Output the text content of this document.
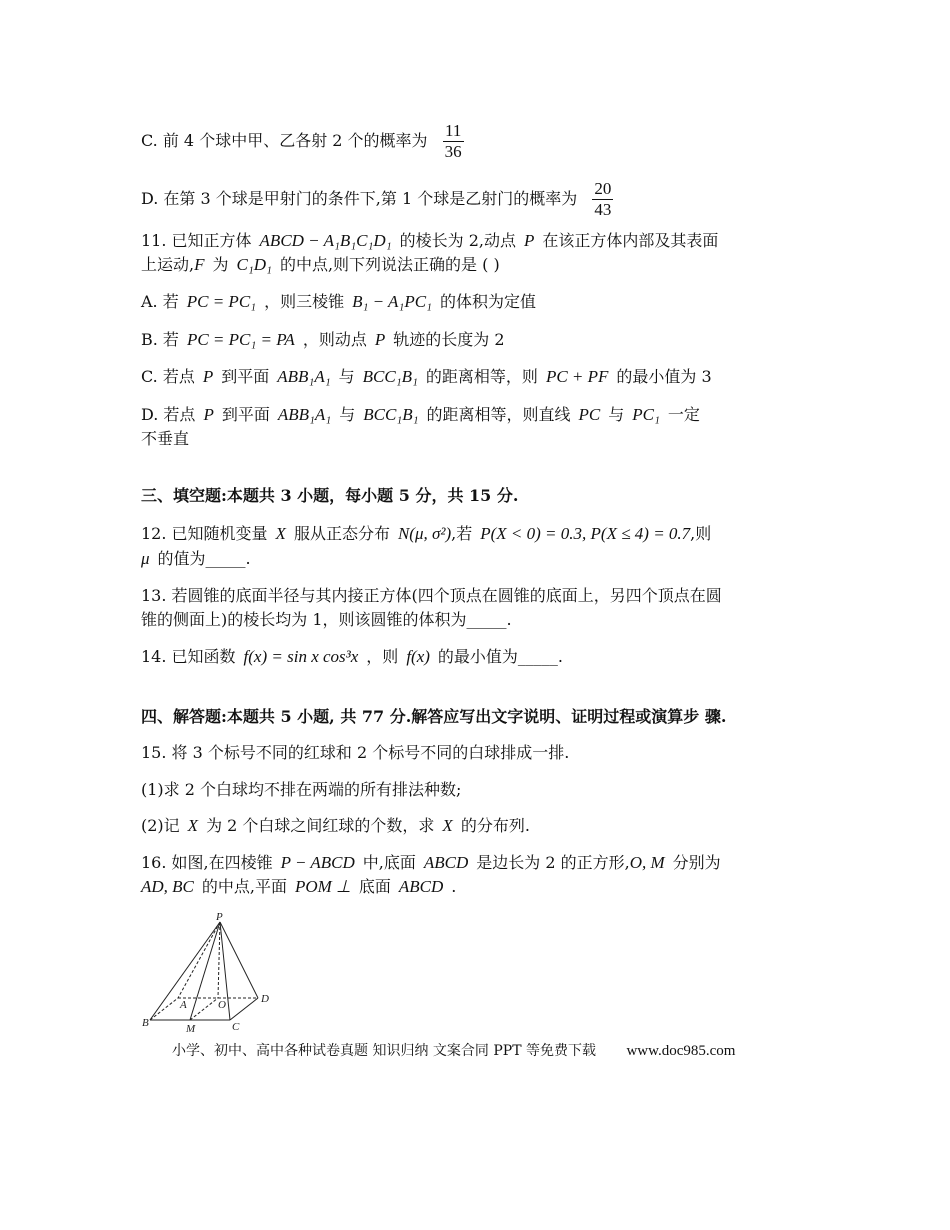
C. 前 4 个球中甲、乙各射 2 个的概率为 $\frac{11}{36}$
D. 在第 3 个球是甲射门的条件下,第 1 个球是乙射门的概率为 $\frac{20}{43}$
11. 已知正方体 ABCD − A₁B₁C₁D₁ 的棱长为 2,动点 P 在该正方体内部及其表面
上运动,F 为 C₁D₁ 的中点,则下列说法正确的是 ( )
A. 若 PC = PC₁ ，则三棱锥 B₁ − A₁PC₁ 的体积为定值
B. 若 PC = PC₁ = PA ，则动点 P 轨迹的长度为 2
C. 若点 P 到平面 ABB₁A₁ 与 BCC₁B₁ 的距离相等，则 PC + PF 的最小值为 3
D. 若点 P 到平面 ABB₁A₁ 与 BCC₁B₁ 的距离相等，则直线 PC 与 PC₁ 一定
不垂直
三、填空题:本题共 3 小题，每小题 5 分，共 15 分.
12. 已知随机变量 X 服从正态分布 N(μ, σ²),若 P(X < 0) = 0.3, P(X ≤ 4) = 0.7,则
μ 的值为_____.
13. 若圆锥的底面半径与其内接正方体(四个顶点在圆锥的底面上，另四个顶点在圆
锥的侧面上)的棱长均为 1，则该圆锥的体积为_____.
14. 已知函数 f(x) = sin x cos³x ，则 f(x) 的最小值为_____.
四、解答题:本题共 5 小题, 共 77 分.解答应写出文字说明、证明过程或演算步 骤.
15. 将 3 个标号不同的红球和 2 个标号不同的白球排成一排.
(1)求 2 个白球均不排在两端的所有排法种数;
(2)记 X 为 2 个白球之间红球的个数，求 X 的分布列.
16. 如图,在四棱锥 P − ABCD 中,底面 ABCD 是边长为 2 的正方形,O, M 分别为
AD, BC 的中点,平面 POM ⊥ 底面 ABCD .
P
A	O	D
B	M	C
小学、初中、高中各种试卷真题 知识归纳 文案合同 PPT 等免费下载 www.doc985.com
